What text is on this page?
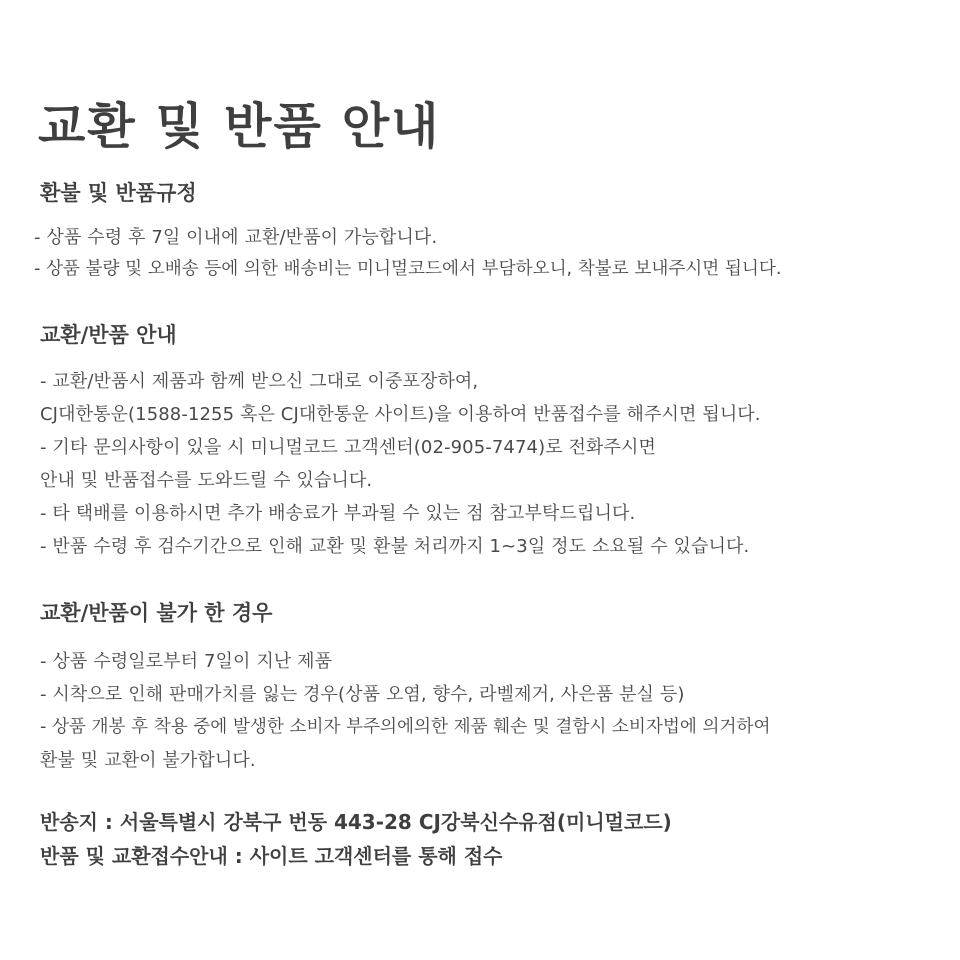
교환 및 반품 안내
환불 및 반품규정
- 상품 수령 후 7일 이내에 교환/반품이 가능합니다.
- 상품 불량 및 오배송 등에 의한 배송비는 미니멀코드에서 부담하오니, 착불로 보내주시면 됩니다.
교환/반품 안내
- 교환/반품시 제품과 함께 받으신 그대로 이중포장하여,
CJ대한통운(1588-1255 혹은 CJ대한통운 사이트)을 이용하여 반품접수를 해주시면 됩니다.
- 기타 문의사항이 있을 시 미니멀코드 고객센터(02-905-7474)로 전화주시면
안내 및 반품접수를 도와드릴 수 있습니다.
- 타 택배를 이용하시면 추가 배송료가 부과될 수 있는 점 참고부탁드립니다.
- 반품 수령 후 검수기간으로 인해 교환 및 환불 처리까지 1~3일 정도 소요될 수 있습니다.
교환/반품이 불가 한 경우
- 상품 수령일로부터 7일이 지난 제품
- 시착으로 인해 판매가치를 잃는 경우(상품 오염, 향수, 라벨제거, 사은품 분실 등)
- 상품 개봉 후 착용 중에 발생한 소비자 부주의에의한 제품 훼손 및 결함시 소비자법에 의거하여
환불 및 교환이 불가합니다.
반송지 : 서울특별시 강북구 번동 443-28 CJ강북신수유점(미니멀코드)
반품 및 교환접수안내 : 사이트 고객센터를 통해 접수
